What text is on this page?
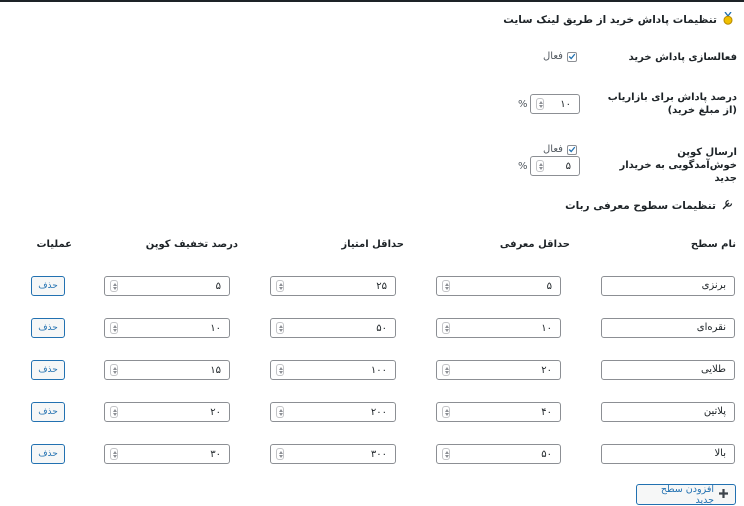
تنظیمات پاداش خرید از طریق لینک سایت
فعالسازی پاداش خرید
فعال
درصد پاداش برای بازاریاب (از مبلغ خرید)
%	۱۰
ارسال کوپن خوش‌آمدگویی به خریدار جدید
فعال
%	۵
تنظیمات سطوح معرفی ربات
نام سطح
حداقل معرفی
حداقل امتیاز
درصد تخفیف کوپن
عملیات
برنزی
۵
۲۵
۵
حذف
نقره‌ای
۱۰
۵۰
۱۰
حذف
طلایی
۲۰
۱۰۰
۱۵
حذف
پلاتین
۴۰
۲۰۰
۲۰
حذف
بالا
۵۰
۳۰۰
۳۰
حذف
افزودن سطح جدید
